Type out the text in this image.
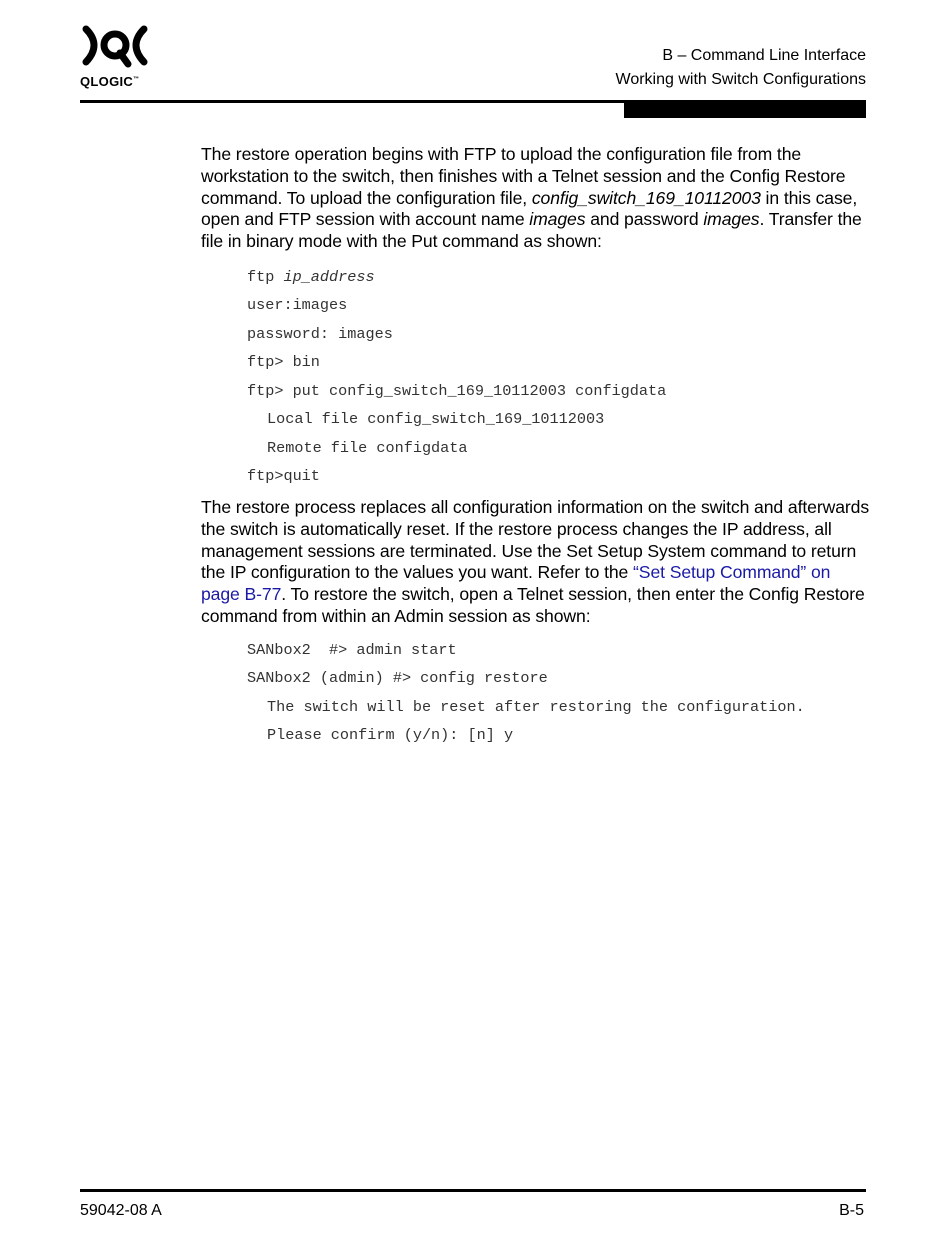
QLOGIC™
B – Command Line Interface
Working with Switch Configurations

The restore operation begins with FTP to upload the configuration file from the workstation to the switch, then finishes with a Telnet session and the Config Restore command. To upload the configuration file, config_switch_169_10112003 in this case, open and FTP session with account name images and password images. Transfer the file in binary mode with the Put command as shown:

ftp ip_address
user:images
password: images
ftp> bin
ftp> put config_switch_169_10112003 configdata
Local file config_switch_169_10112003
Remote file configdata
ftp>quit

The restore process replaces all configuration information on the switch and afterwards the switch is automatically reset. If the restore process changes the IP address, all management sessions are terminated. Use the Set Setup System command to return the IP configuration to the values you want. Refer to the “Set Setup Command” on page B-77. To restore the switch, open a Telnet session, then enter the Config Restore command from within an Admin session as shown:

SANbox2  #> admin start
SANbox2 (admin) #> config restore
The switch will be reset after restoring the configuration.
Please confirm (y/n): [n] y
59042-08 A	B-5
